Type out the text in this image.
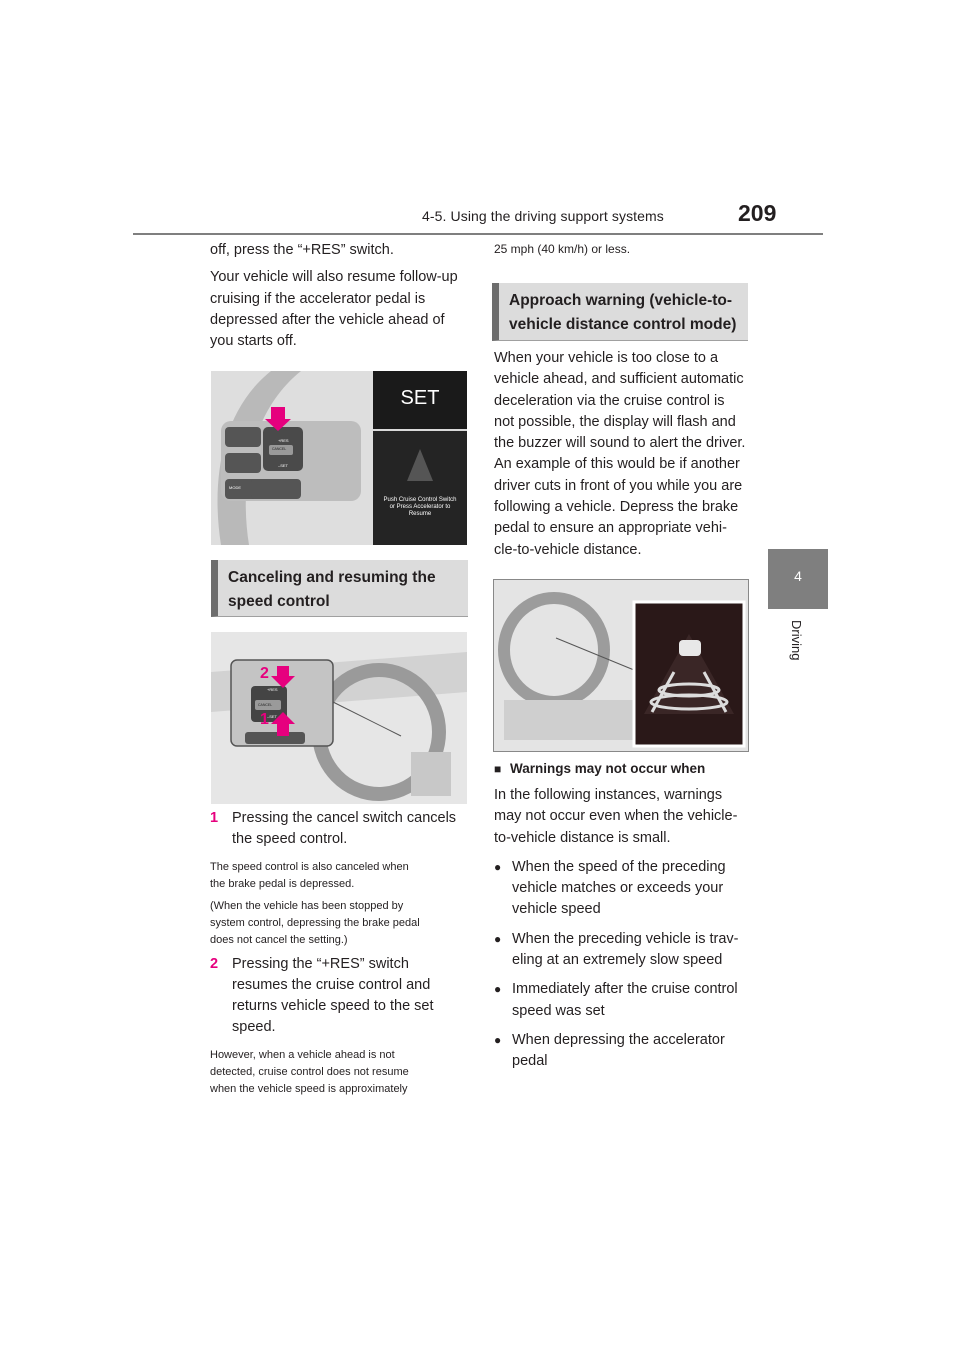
4-5. Using the driving support systems	209
4
Driving

off, press the “+RES” switch.

Your vehicle will also resume follow-up

cruising if the accelerator pedal is

depressed after the vehicle ahead of

you starts off.

+RES
CANCEL
–SET
MODE
SET
Push Cruise Control Switch
or Press Accelerator to
Resume
Canceling and resuming the
speed control
2
1
+RES
CANCEL
–SET
1 Pressing the cancel switch cancels

the speed control.

The speed control is also canceled when

the brake pedal is depressed.

(When the vehicle has been stopped by

system control, depressing the brake pedal

does not cancel the setting.)

2 Pressing the “+RES” switch

resumes the cruise control and

returns vehicle speed to the set

speed.

However, when a vehicle ahead is not

detected, cruise control does not resume

when the vehicle speed is approximately

25 mph (40 km/h) or less.
Approach warning (vehicle-to-
vehicle distance control mode)

When your vehicle is too close to a

vehicle ahead, and sufficient automatic

deceleration via the cruise control is

not possible, the display will flash and

the buzzer will sound to alert the driver.

An example of this would be if another

driver cuts in front of you while you are

following a vehicle. Depress the brake

pedal to ensure an appropriate vehi-

cle-to-vehicle distance.

■ Warnings may not occur when

In the following instances, warnings

may not occur even when the vehicle-

to-vehicle distance is small.

● When the speed of the preceding

vehicle matches or exceeds your

vehicle speed

● When the preceding vehicle is trav-

eling at an extremely slow speed

● Immediately after the cruise control

speed was set

● When depressing the accelerator

pedal
